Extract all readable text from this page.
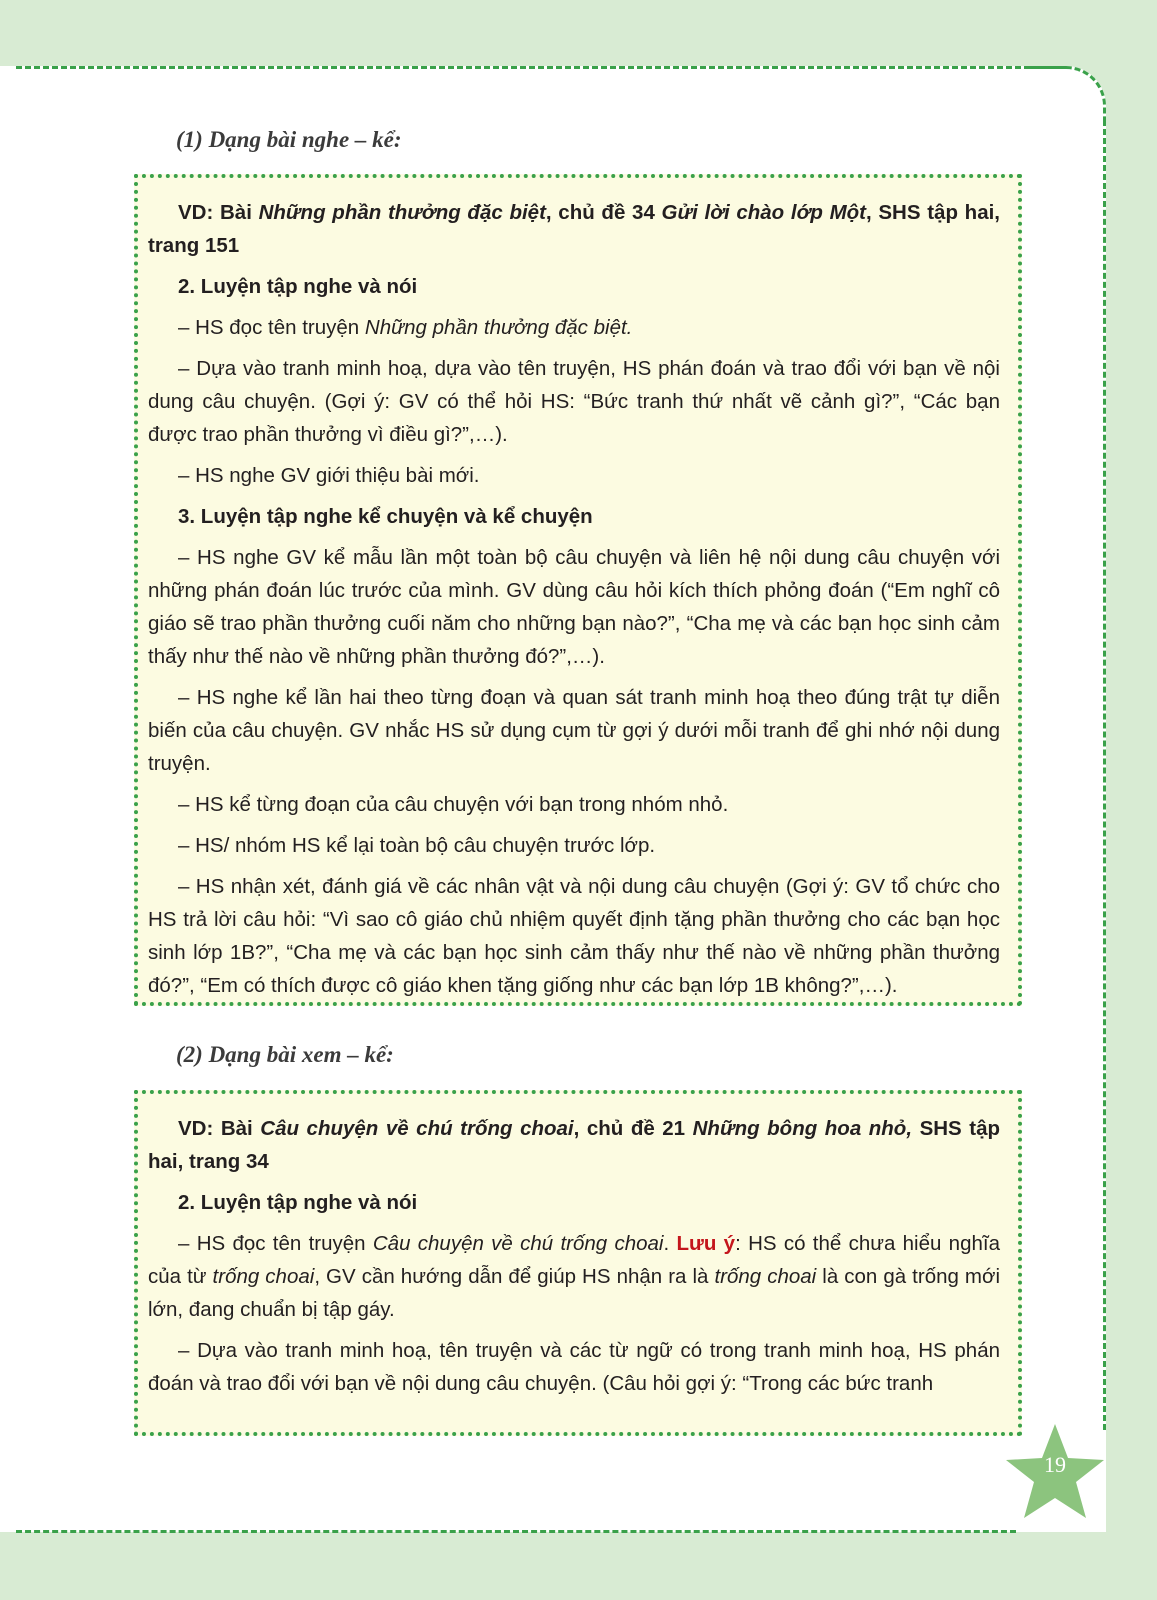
(1) Dạng bài nghe – kể:

VD: Bài Những phần thưởng đặc biệt, chủ đề 34 Gửi lời chào lớp Một, SHS tập hai, trang 151

2. Luyện tập nghe và nói

– HS đọc tên truyện Những phần thưởng đặc biệt.

– Dựa vào tranh minh hoạ, dựa vào tên truyện, HS phán đoán và trao đổi với bạn về nội dung câu chuyện. (Gợi ý: GV có thể hỏi HS: “Bức tranh thứ nhất vẽ cảnh gì?”, “Các bạn được trao phần thưởng vì điều gì?”,…).

– HS nghe GV giới thiệu bài mới.

3. Luyện tập nghe kể chuyện và kể chuyện

– HS nghe GV kể mẫu lần một toàn bộ câu chuyện và liên hệ nội dung câu chuyện với những phán đoán lúc trước của mình. GV dùng câu hỏi kích thích phỏng đoán (“Em nghĩ cô giáo sẽ trao phần thưởng cuối năm cho những bạn nào?”, “Cha mẹ và các bạn học sinh cảm thấy như thế nào về những phần thưởng đó?”,…).

– HS nghe kể lần hai theo từng đoạn và quan sát tranh minh hoạ theo đúng trật tự diễn biến của câu chuyện. GV nhắc HS sử dụng cụm từ gợi ý dưới mỗi tranh để ghi nhớ nội dung truyện.

– HS kể từng đoạn của câu chuyện với bạn trong nhóm nhỏ.

– HS/ nhóm HS kể lại toàn bộ câu chuyện trước lớp.

– HS nhận xét, đánh giá về các nhân vật và nội dung câu chuyện (Gợi ý: GV tổ chức cho HS trả lời câu hỏi: “Vì sao cô giáo chủ nhiệm quyết định tặng phần thưởng cho các bạn học sinh lớp 1B?”, “Cha mẹ và các bạn học sinh cảm thấy như thế nào về những phần thưởng đó?”, “Em có thích được cô giáo khen tặng giống như các bạn lớp 1B không?”,…).

(2) Dạng bài xem – kể:

VD: Bài Câu chuyện về chú trống choai, chủ đề 21 Những bông hoa nhỏ, SHS tập hai, trang 34

2. Luyện tập nghe và nói

– HS đọc tên truyện Câu chuyện về chú trống choai. Lưu ý: HS có thể chưa hiểu nghĩa của từ trống choai, GV cần hướng dẫn để giúp HS nhận ra là trống choai là con gà trống mới lớn, đang chuẩn bị tập gáy.

– Dựa vào tranh minh hoạ, tên truyện và các từ ngữ có trong tranh minh hoạ, HS phán đoán và trao đổi với bạn về nội dung câu chuyện. (Câu hỏi gợi ý: “Trong các bức tranh

19
